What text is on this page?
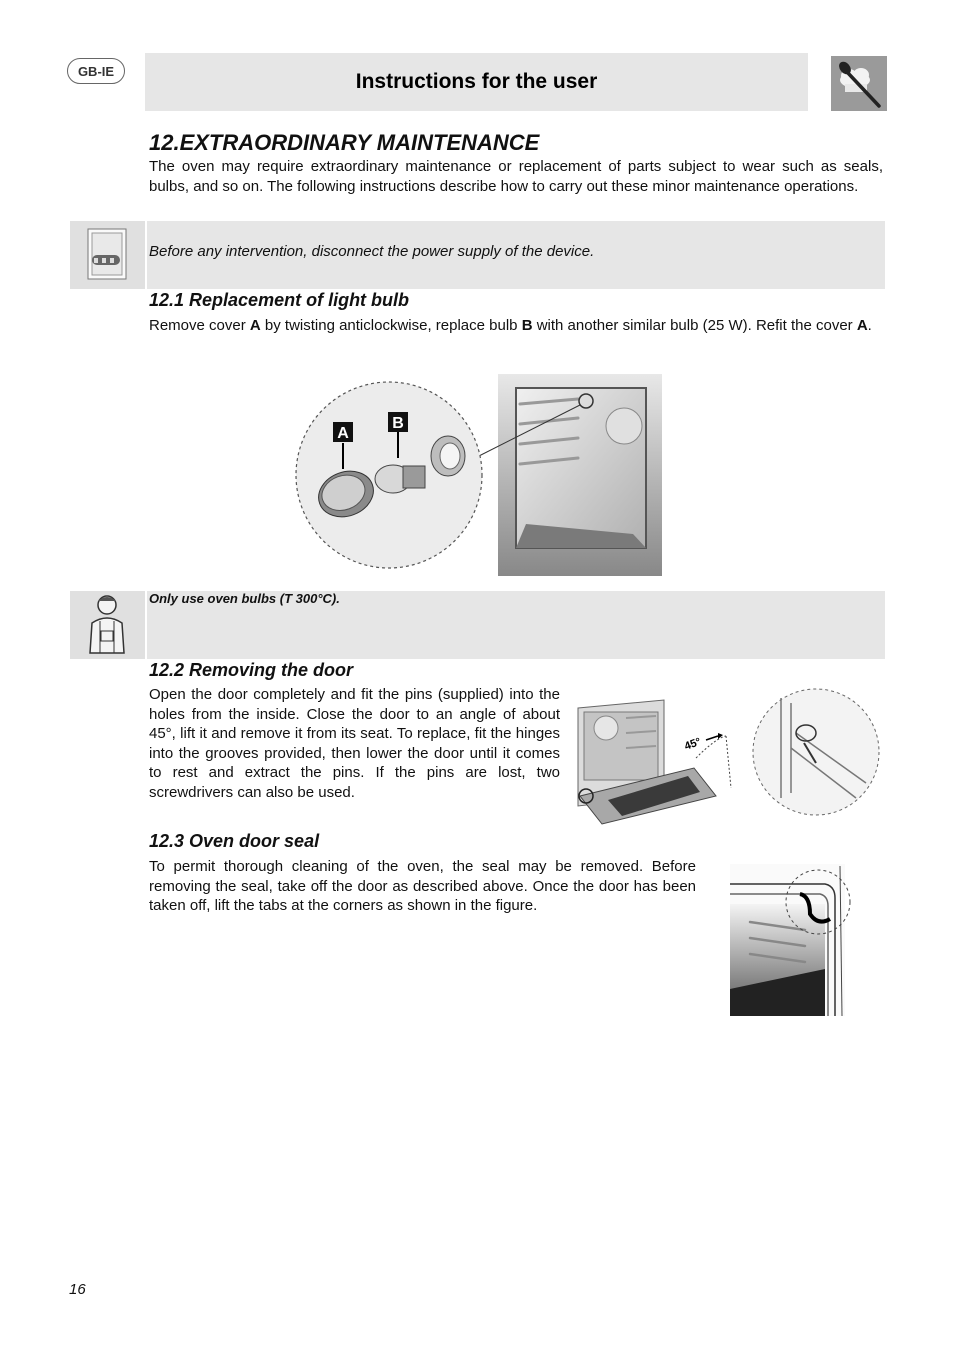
GB-IE	Instructions for the user
12.EXTRAORDINARY MAINTENANCE
The oven may require extraordinary maintenance or replacement of parts subject to wear such as seals, bulbs, and so on. The following instructions describe how to carry out these minor maintenance operations.
Before any intervention, disconnect the power supply of the device.
12.1 Replacement of light bulb
Remove cover A by twisting anticlockwise, replace bulb B with another similar bulb (25 W). Refit the cover A.
A
B
Only use oven bulbs (T 300°C).
12.2 Removing the door
Open the door completely and fit the pins (supplied) into the holes from the inside. Close the door to an angle of about 45°, lift it and remove it from its seat. To replace, fit the hinges into the grooves provided, then lower the door until it comes to rest and extract the pins. If the pins are lost, two screwdrivers can also be used.
45°
12.3 Oven door seal
To permit thorough cleaning of the oven, the seal may be removed. Before removing the seal, take off the door as described above. Once the door has been taken off, lift the tabs at the corners as shown in the figure.
16
